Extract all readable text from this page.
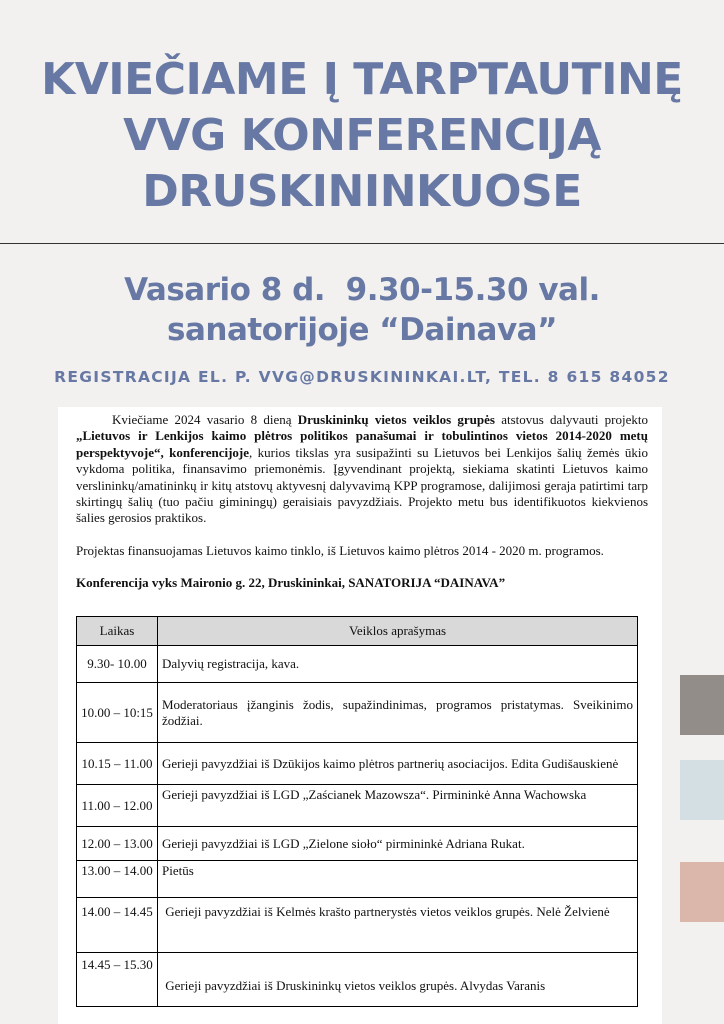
KVIEČIAME Į TARPTAUTINĘ
VVG KONFERENCIJĄ
DRUSKININKUOSE
Vasario 8 d.  9.30-15.30 val.
sanatorijoje “Dainava”
REGISTRACIJA EL. P. VVG@DRUSKININKAI.LT, TEL. 8 615 84052

Kviečiame 2024 vasario 8 dieną Druskininkų vietos veiklos grupės atstovus dalyvauti projekto „Lietuvos ir Lenkijos kaimo plėtros politikos panašumai ir tobulintinos vietos 2014-2020 metų perspektyvoje“, konferencijoje, kurios tikslas yra susipažinti su Lietuvos bei Lenkijos šalių žemės ūkio vykdoma politika, finansavimo priemonėmis. Įgyvendinant projektą, siekiama skatinti Lietuvos kaimo verslininkų/amatininkų ir kitų atstovų aktyvesnį dalyvavimą KPP programose, dalijimosi geraja patirtimi tarp skirtingų šalių (tuo pačiu giminingų) geraisiais pavyzdžiais. Projekto metu bus identifikuotos kiekvienos šalies gerosios praktikos.

Projektas finansuojamas Lietuvos kaimo tinklo, iš Lietuvos kaimo plėtros 2014 - 2020 m. programos.

Konferencija vyks Maironio g. 22, Druskininkai, SANATORIJA “DAINAVA”

Laikas	Veiklos aprašymas
9.30- 10.00	Dalyvių registracija, kava.
10.00 – 10:15	Moderatoriaus įžanginis žodis, supažindinimas, programos pristatymas. Sveikinimo žodžiai.
10.15 – 11.00	Gerieji pavyzdžiai iš Dzūkijos kaimo plėtros partnerių asociacijos. Edita Gudišauskienė
11.00 – 12.00	Gerieji pavyzdžiai iš LGD „Zaścianek Mazowsza“. Pirmininkė Anna Wachowska
12.00 – 13.00	Gerieji pavyzdžiai iš LGD „Zielone sioło“ pirmininkė Adriana Rukat.
13.00 – 14.00	Pietūs
14.00 – 14.45	Gerieji pavyzdžiai iš Kelmės krašto partnerystės vietos veiklos grupės. Nelė Želvienė
14.45 – 15.30	Gerieji pavyzdžiai iš Druskininkų vietos veiklos grupės. Alvydas Varanis
